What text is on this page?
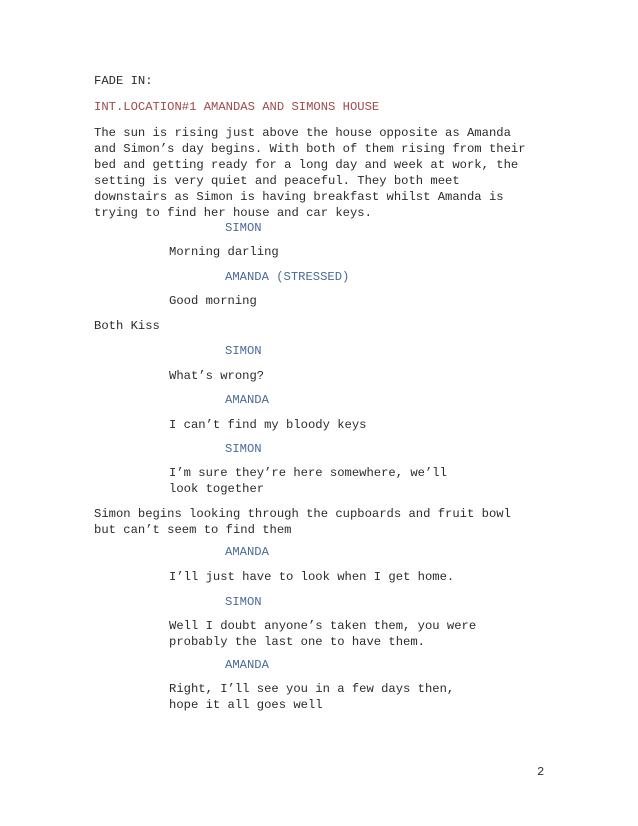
FADE IN:
INT.LOCATION#1 AMANDAS AND SIMONS HOUSE
The sun is rising just above the house opposite as Amanda
and Simon’s day begins. With both of them rising from their
bed and getting ready for a long day and week at work, the
setting is very quiet and peaceful. They both meet
downstairs as Simon is having breakfast whilst Amanda is
trying to find her house and car keys.
SIMON
Morning darling
AMANDA (STRESSED)
Good morning
Both Kiss
SIMON
What’s wrong?
AMANDA
I can’t find my bloody keys
SIMON
I’m sure they’re here somewhere, we’ll
look together
Simon begins looking through the cupboards and fruit bowl
but can’t seem to find them
AMANDA
I’ll just have to look when I get home.
SIMON
Well I doubt anyone’s taken them, you were
probably the last one to have them.
AMANDA
Right, I’ll see you in a few days then,
hope it all goes well
2
